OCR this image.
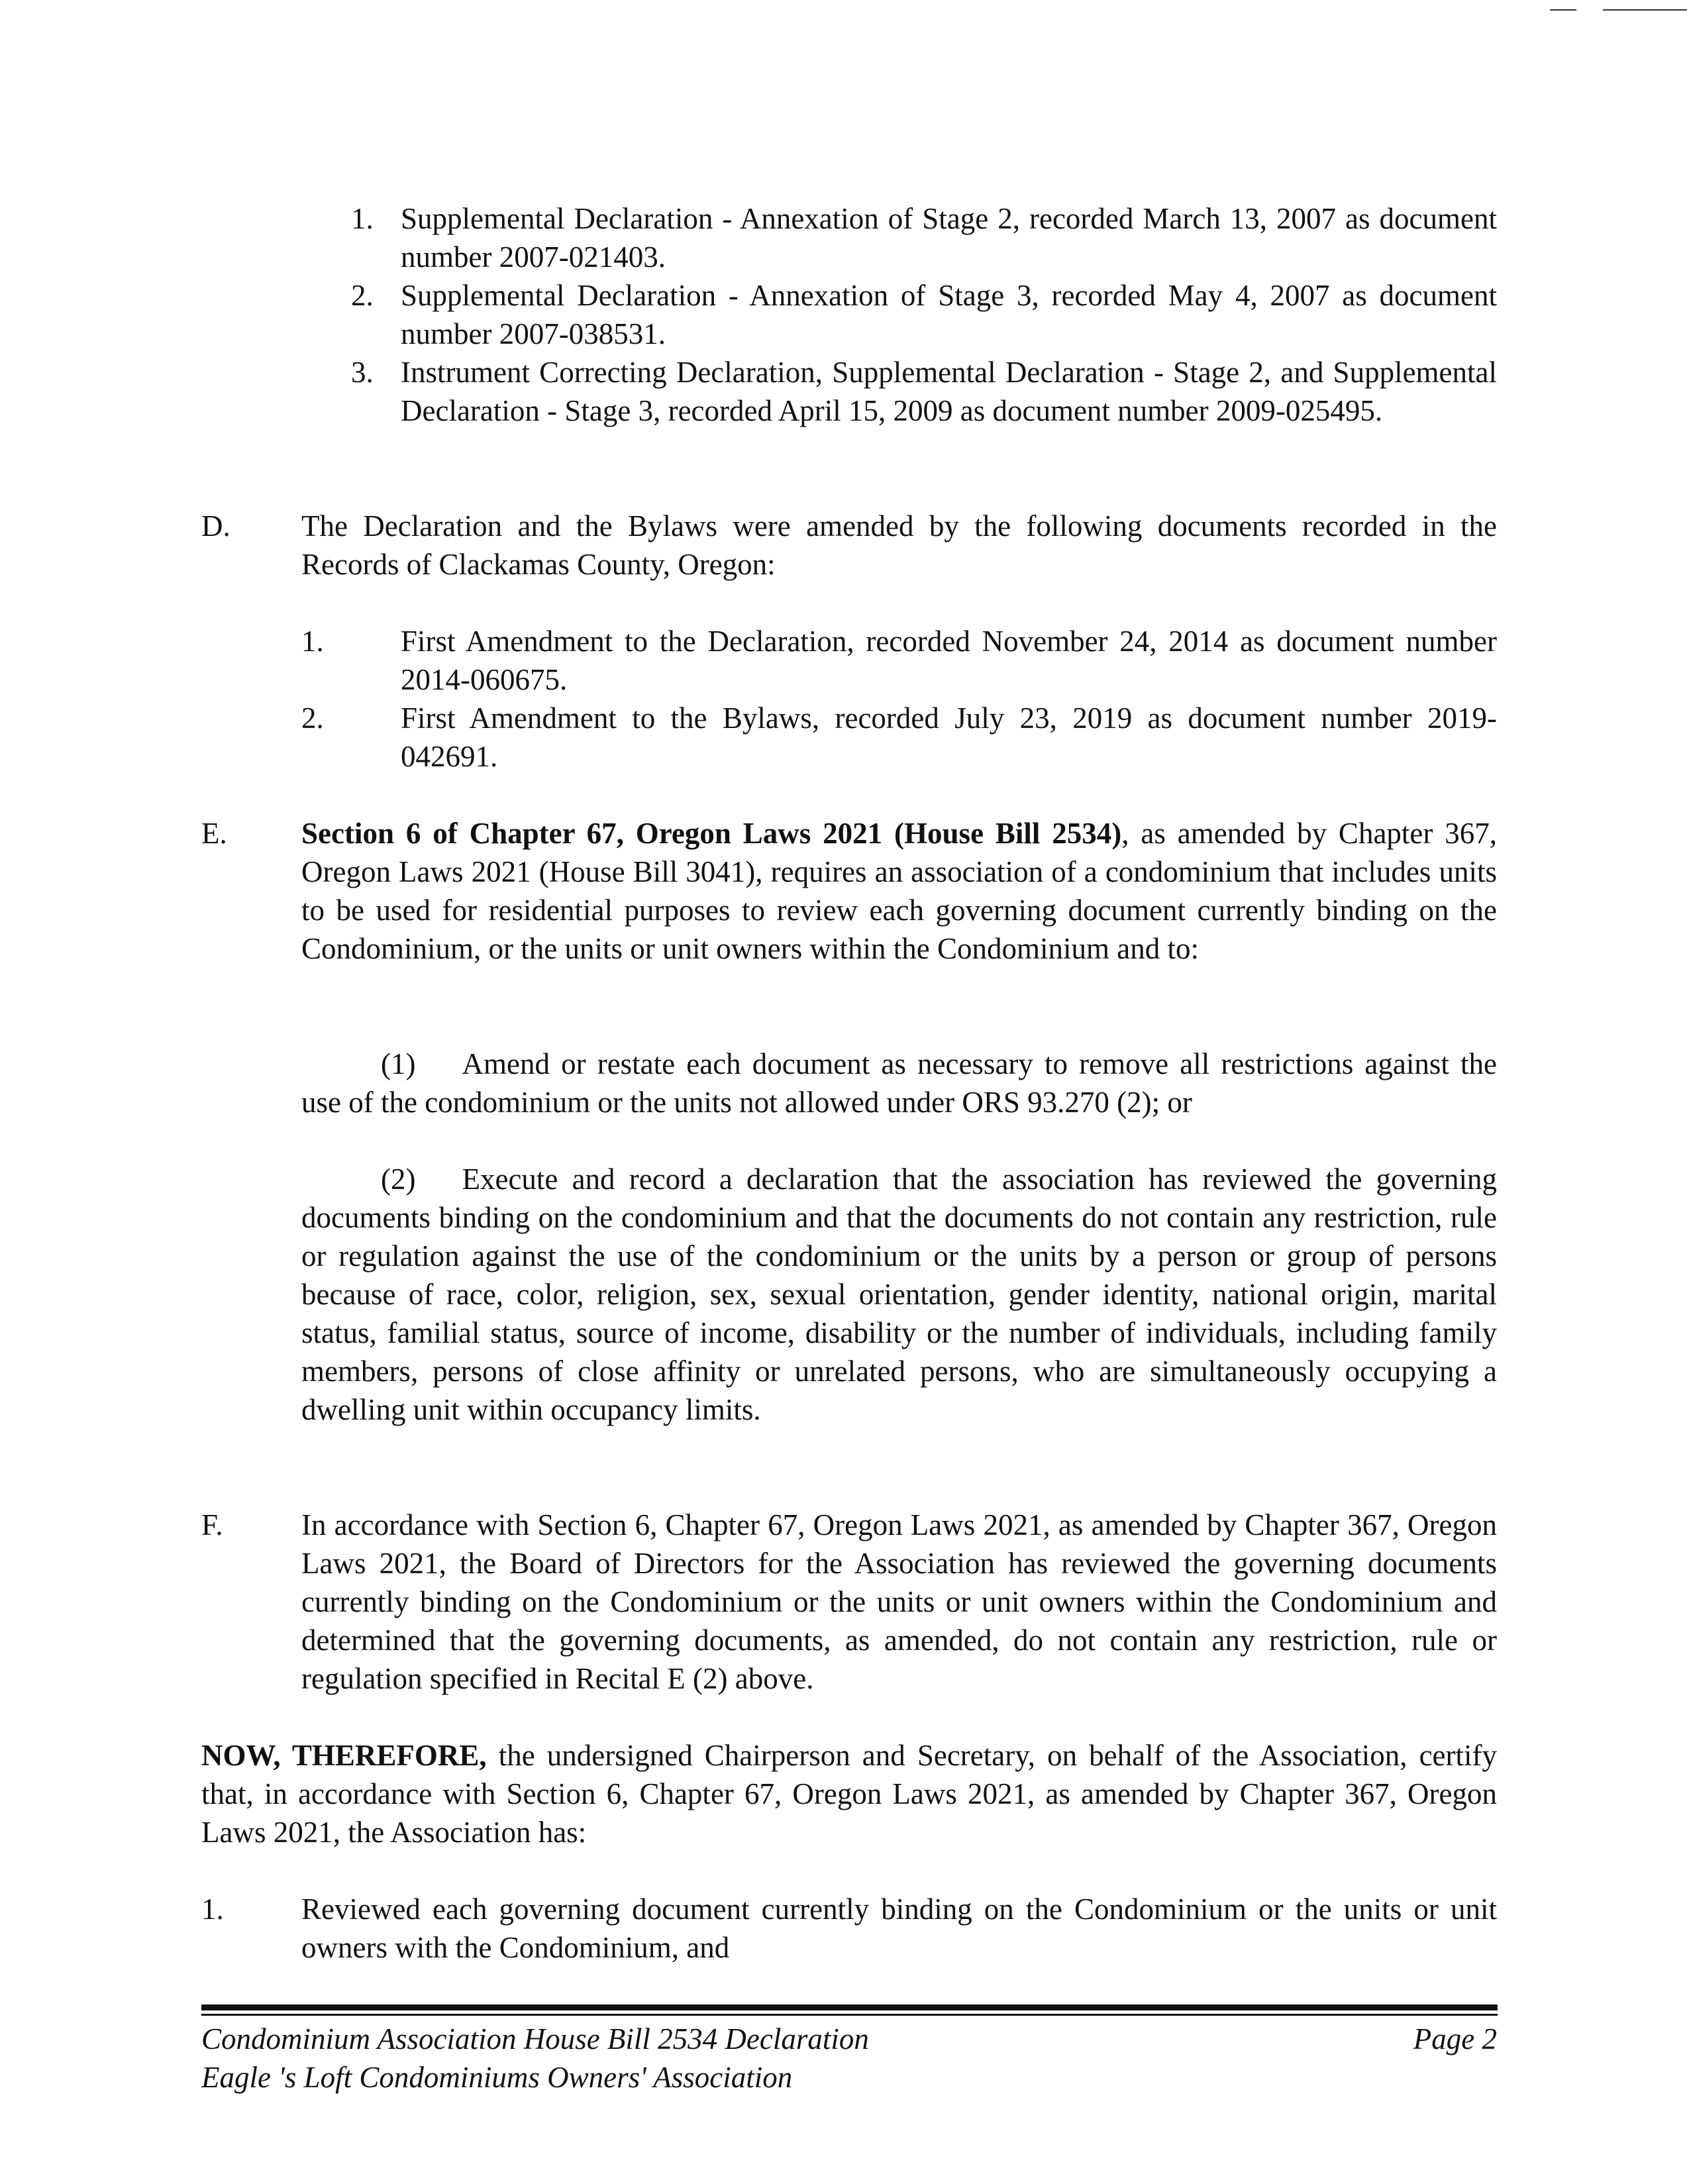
1. Supplemental Declaration - Annexation of Stage 2, recorded March 13, 2007 as document number 2007-021403.
2. Supplemental Declaration - Annexation of Stage 3, recorded May 4, 2007 as document number 2007-038531.
3. Instrument Correcting Declaration, Supplemental Declaration - Stage 2, and Supplemental Declaration - Stage 3, recorded April 15, 2009 as document number 2009-025495.
D. The Declaration and the Bylaws were amended by the following documents recorded in the Records of Clackamas County, Oregon:
1.	First Amendment to the Declaration, recorded November 24, 2014 as document number 2014-060675.
2.	First Amendment to the Bylaws, recorded July 23, 2019 as document number 2019-042691.
E. Section 6 of Chapter 67, Oregon Laws 2021 (House Bill 2534), as amended by Chapter 367, Oregon Laws 2021 (House Bill 3041), requires an association of a condominium that includes units to be used for residential purposes to review each governing document currently binding on the Condominium, or the units or unit owners within the Condominium and to:
(1) Amend or restate each document as necessary to remove all restrictions against the use of the condominium or the units not allowed under ORS 93.270 (2); or
(2) Execute and record a declaration that the association has reviewed the governing documents binding on the condominium and that the documents do not contain any restriction, rule or regulation against the use of the condominium or the units by a person or group of persons because of race, color, religion, sex, sexual orientation, gender identity, national origin, marital status, familial status, source of income, disability or the number of individuals, including family members, persons of close affinity or unrelated persons, who are simultaneously occupying a dwelling unit within occupancy limits.
F.	In accordance with Section 6, Chapter 67, Oregon Laws 2021, as amended by Chapter 367, Oregon Laws 2021, the Board of Directors for the Association has reviewed the governing documents currently binding on the Condominium or the units or unit owners within the Condominium and determined that the governing documents, as amended, do not contain any restriction, rule or regulation specified in Recital E (2) above.
NOW, THEREFORE, the undersigned Chairperson and Secretary, on behalf of the Association, certify that, in accordance with Section 6, Chapter 67, Oregon Laws 2021, as amended by Chapter 367, Oregon Laws 2021, the Association has:
1.	Reviewed each governing document currently binding on the Condominium or the units or unit owners with the Condominium, and
Condominium Association House Bill 2534 Declaration
Eagle 's Loft Condominiums Owners' Association
Page 2
